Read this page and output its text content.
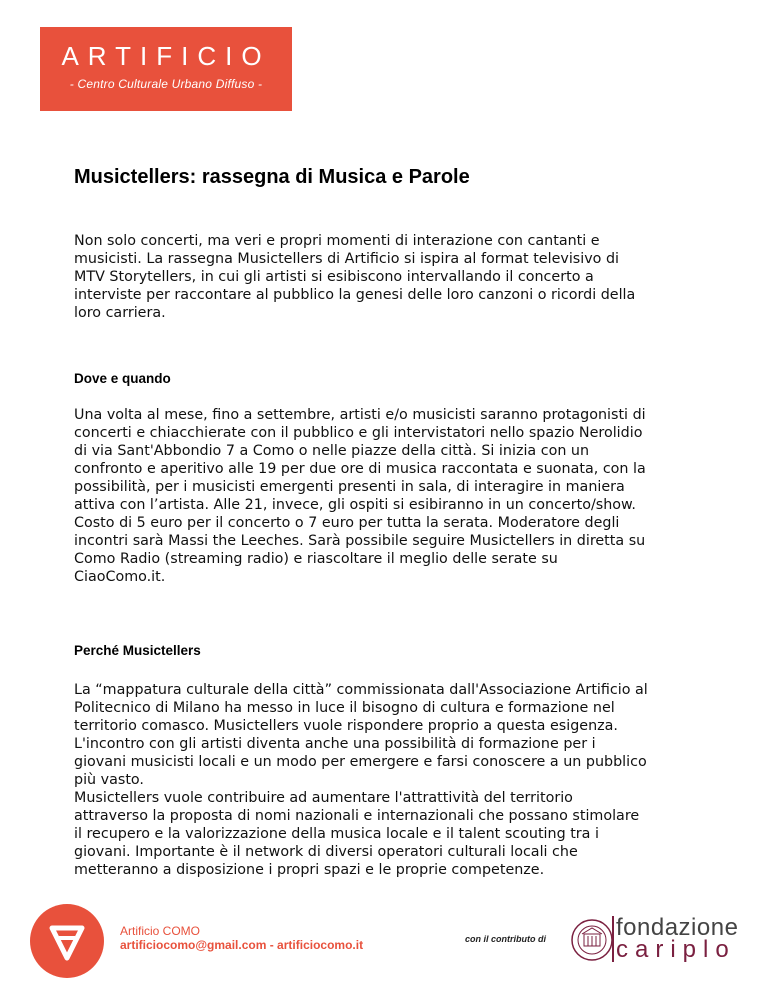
ARTIFICIO
- Centro Culturale Urbano Diffuso -
Musictellers: rassegna di Musica e Parole
Non solo concerti, ma veri e propri momenti di interazione con cantanti e
musicisti. La rassegna Musictellers di Artificio si ispira al format televisivo di
MTV Storytellers, in cui gli artisti si esibiscono intervallando il concerto a
interviste per raccontare al pubblico la genesi delle loro canzoni o ricordi della
loro carriera.
Dove e quando
Una volta al mese, fino a settembre, artisti e/o musicisti saranno protagonisti di
concerti e chiacchierate con il pubblico e gli intervistatori nello spazio Nerolidio
di via Sant'Abbondio 7 a Como o nelle piazze della città. Si inizia con un
confronto e aperitivo alle 19 per due ore di musica raccontata e suonata, con la
possibilità, per i musicisti emergenti presenti in sala, di interagire in maniera
attiva con l’artista. Alle 21, invece, gli ospiti si esibiranno in un concerto/show.
Costo di 5 euro per il concerto o 7 euro per tutta la serata. Moderatore degli
incontri sarà Massi the Leeches. Sarà possibile seguire Musictellers in diretta su
Como Radio (streaming radio) e riascoltare il meglio delle serate su
CiaoComo.it.
Perché Musictellers
La “mappatura culturale della città” commissionata dall'Associazione Artificio al
Politecnico di Milano ha messo in luce il bisogno di cultura e formazione nel
territorio comasco. Musictellers vuole rispondere proprio a questa esigenza.
L'incontro con gli artisti diventa anche una possibilità di formazione per i
giovani musicisti locali e un modo per emergere e farsi conoscere a un pubblico
più vasto.
Musictellers vuole contribuire ad aumentare l'attrattività del territorio
attraverso la proposta di nomi nazionali e internazionali che possano stimolare
il recupero e la valorizzazione della musica locale e il talent scouting tra i
giovani. Importante è il network di diversi operatori culturali locali che
metteranno a disposizione i propri spazi e le proprie competenze.
Artificio COMO
artificiocomo@gmail.com - artificiocomo.it	con il contributo di	fondazione
cariplo
